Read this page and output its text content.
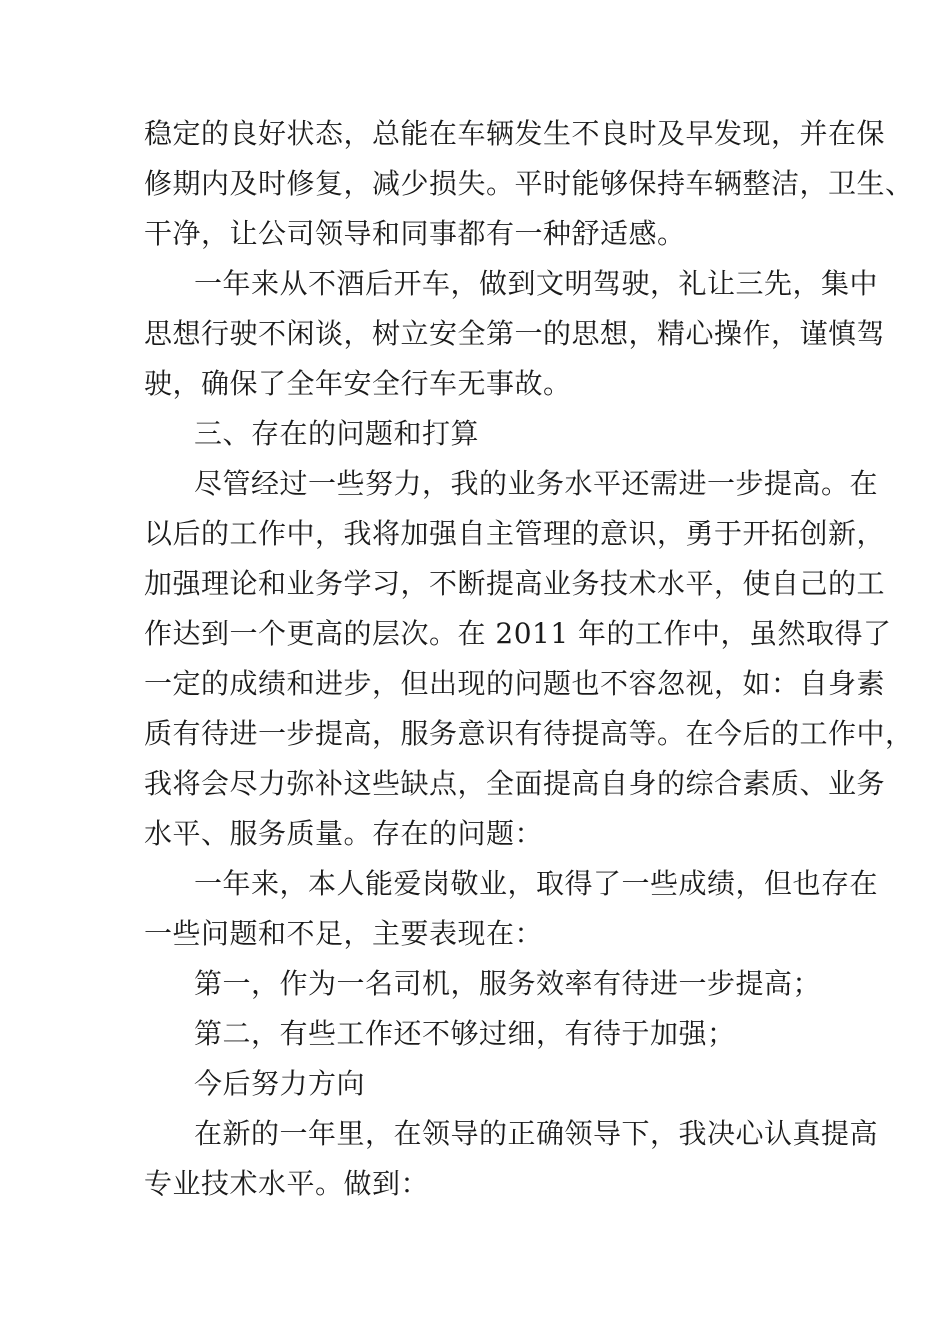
稳定的良好状态，总能在车辆发生不良时及早发现，并在保
修期内及时修复，减少损失。平时能够保持车辆整洁，卫生、
干净，让公司领导和同事都有一种舒适感。
一年来从不酒后开车，做到文明驾驶，礼让三先，集中
思想行驶不闲谈，树立安全第一的思想，精心操作，谨慎驾
驶，确保了全年安全行车无事故。
三、存在的问题和打算
尽管经过一些努力，我的业务水平还需进一步提高。在
以后的工作中，我将加强自主管理的意识，勇于开拓创新，
加强理论和业务学习，不断提高业务技术水平，使自己的工
作达到一个更高的层次。在 2011 年的工作中，虽然取得了
一定的成绩和进步，但出现的问题也不容忽视，如：自身素
质有待进一步提高，服务意识有待提高等。在今后的工作中，
我将会尽力弥补这些缺点，全面提高自身的综合素质、业务
水平、服务质量。存在的问题：
一年来，本人能爱岗敬业，取得了一些成绩，但也存在
一些问题和不足，主要表现在：
第一，作为一名司机，服务效率有待进一步提高；
第二，有些工作还不够过细，有待于加强；
今后努力方向
在新的一年里，在领导的正确领导下，我决心认真提高
专业技术水平。做到：
